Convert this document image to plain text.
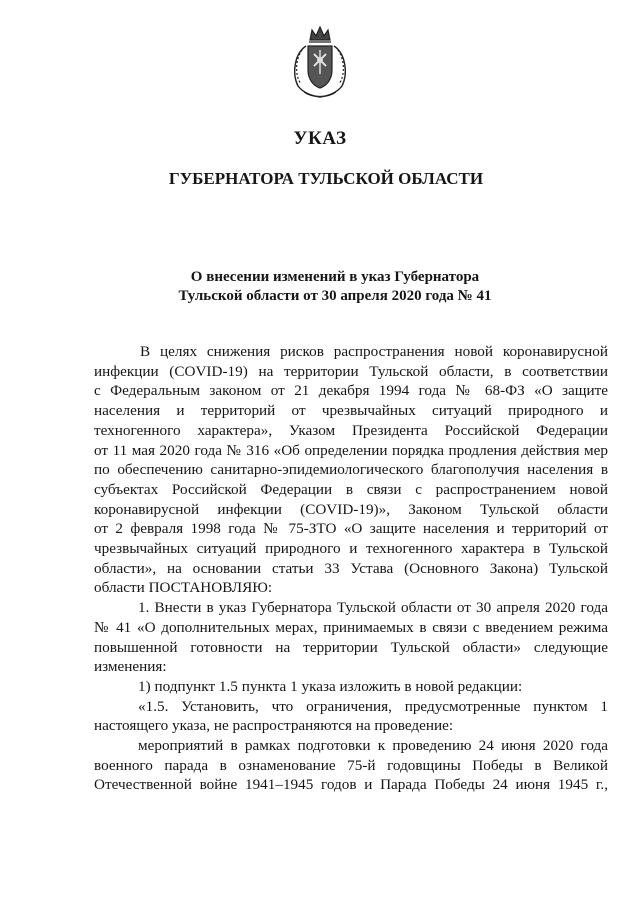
УКАЗ
ГУБЕРНАТОРА ТУЛЬСКОЙ ОБЛАСТИ
О внесении изменений в указ Губернатора
Тульской области от 30 апреля 2020 года № 41

В целях снижения рисков распространения новой коронавирусной

инфекции (COVID-19) на территории Тульской области, в соответствии

с Федеральным законом от 21 декабря 1994 года № 68-ФЗ «О защите

населения и территорий от чрезвычайных ситуаций природного и

техногенного характера», Указом Президента Российской Федерации

от 11 мая 2020 года № 316 «Об определении порядка продления действия мер

по обеспечению санитарно-эпидемиологического благополучия населения в

субъектах Российской Федерации в связи с распространением новой

коронавирусной инфекции (COVID-19)», Законом Тульской области

от 2 февраля 1998 года № 75-ЗТО «О защите населения и территорий от

чрезвычайных ситуаций природного и техногенного характера в Тульской

области», на основании статьи 33 Устава (Основного Закона) Тульской

области ПОСТАНОВЛЯЮ:

1. Внести в указ Губернатора Тульской области от 30 апреля 2020 года

№ 41 «О дополнительных мерах, принимаемых в связи с введением режима

повышенной готовности на территории Тульской области» следующие

изменения:

1) подпункт 1.5 пункта 1 указа изложить в новой редакции:

«1.5. Установить, что ограничения, предусмотренные пунктом 1

настоящего указа, не распространяются на проведение:

мероприятий в рамках подготовки к проведению 24 июня 2020 года

военного парада в ознаменование 75-й годовщины Победы в Великой

Отечественной войне 1941–1945 годов и Парада Победы 24 июня 1945 г.,
